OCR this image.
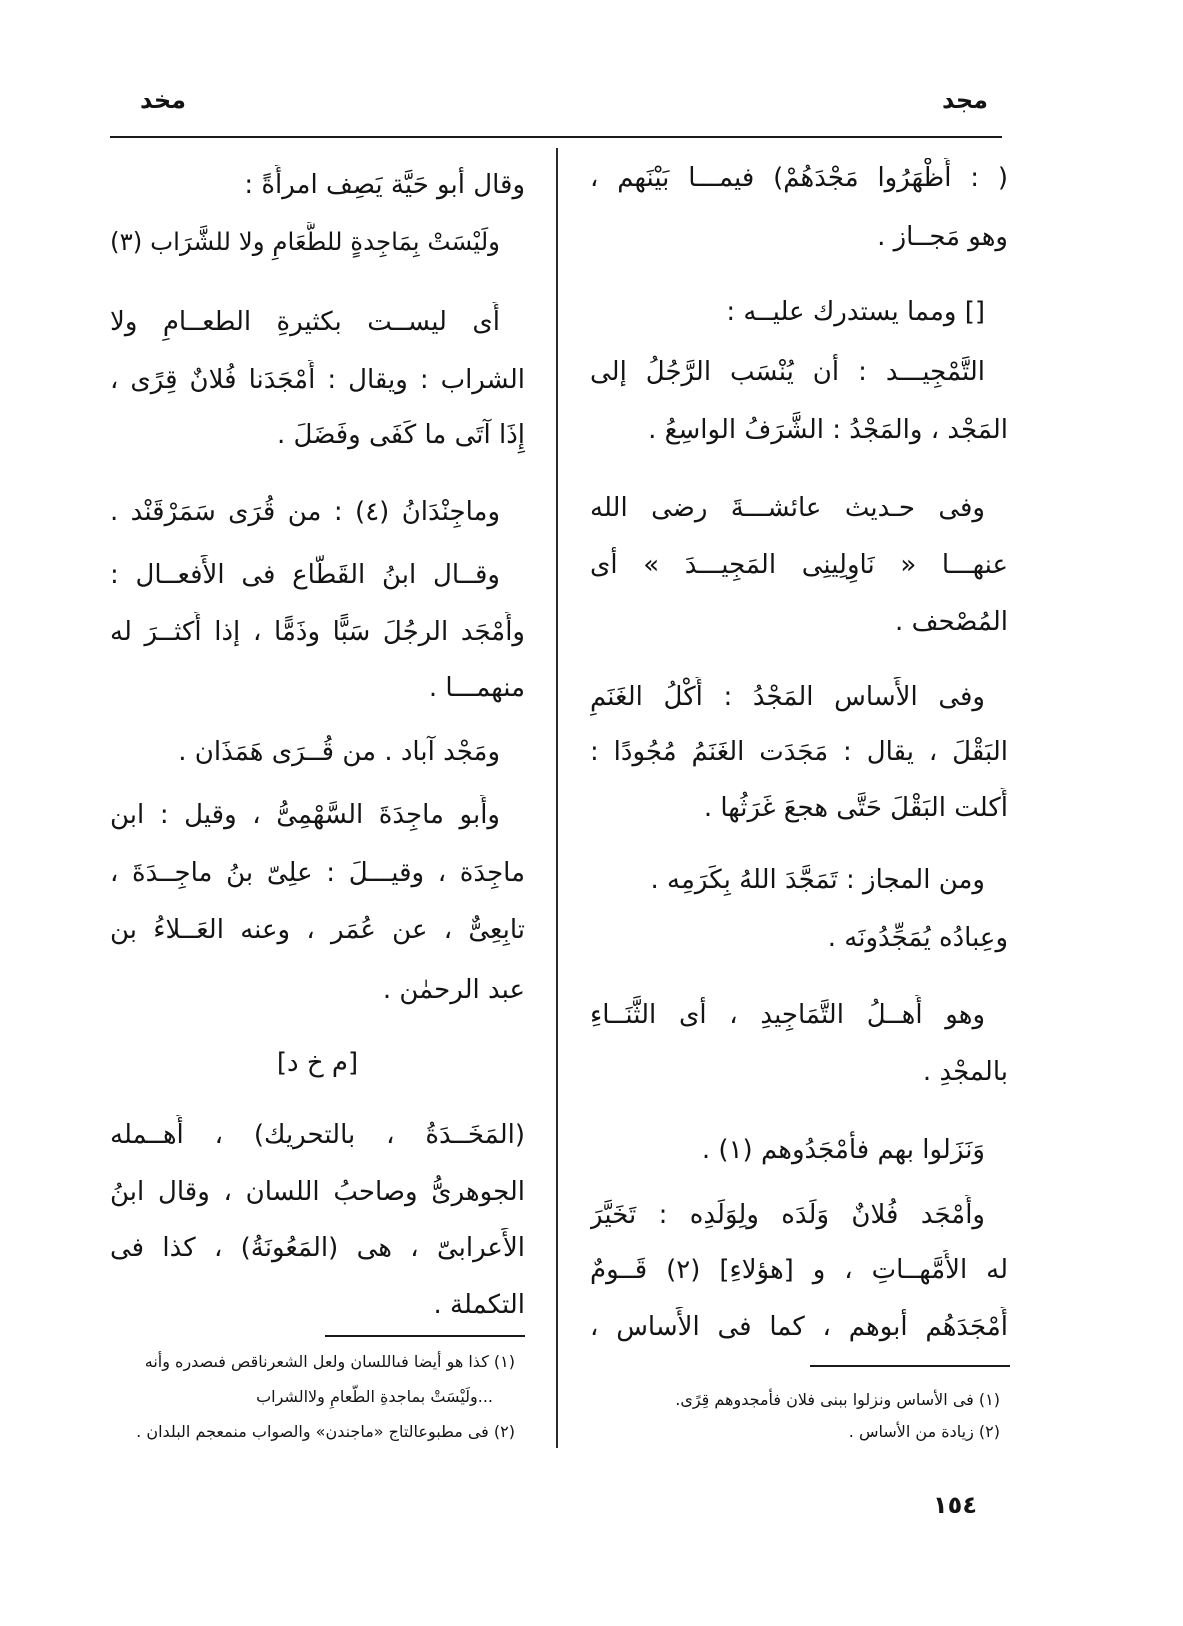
مجد
مخد
( : أَظْهَرُوا مَجْدَهُمْ) فيمـــا بَيْنَهم ،
وهو مَجــاز .
[] ومما يستدرك عليــه :
التَّمْجِيـــد : أن يُنْسَب الرَّجُلُ إلى
المَجْد ، والمَجْدُ : الشَّرَفُ الواسِعُ .
وفى حـديث عائشـــةَ رضى الله
عنهـــا « نَاوِلِينِى المَجِيـــدَ » أى
المُصْحف .
وفى الأَساس المَجْدُ : أَكْلُ الغَنَمِ
البَقْلَ ، يقال : مَجَدَت الغَنَمُ مُجُودًا :
أَكلت البَقْلَ حَتَّى هجعَ غَرَثُها .
ومن المجاز : تَمَجَّدَ اللهُ بِكَرَمِه .
وعِبادُه يُمَجِّدُونَه .
وهو أَهــلُ التَّمَاجِيدِ ، أى الثَّنَــاءِ
بالمجْدِ .
وَنَزَلوا بهم فأَمْجَدُوهم (١) .
وأَمْجَد فُلانٌ وَلَدَه ولِوَلَدِه : تَخَيَّرَ
له الأُمَّهــاتِ ، و [هؤلاءِ] (٢) قَــومٌ
أَمْجَدَهُم أبوهم ، كما فى الأَساس ،
(١) فى الأساس ونزلوا ببنى فلان فأمجدوهم قِرًى.
(٢) زيادة من الأساس .
وقال أبو حَيَّة يَصِف امرأَةً :
ولَيْسَتْ بِمَاجِدةٍ للطَّعَامِ ولا للشَّرَاب (٣)
أَى ليســت بكثيرةِ الطعــامِ ولا
الشراب : ويقال : أَمْجَدَنا فُلانٌ قِرًى ،
إِذَا آتَى ما كَفَى وفَضَلَ .
وماجِنْدَانُ (٤) : من قُرَى سَمَرْقَنْد .
وقــال ابنُ القَطَّاع فى الأَفعــال :
وأَمْجَد الرجُلَ سَبًّا وذَمًّا ، إذا أَكثــرَ له
منهمـــا .
ومَجْد آباد . من قُــرَى هَمَذَان .
وأَبو ماجِدَةَ السَّهْمِىُّ ، وقيل : ابن
ماجِدَة ، وقيـــلَ : علِىّ بنُ ماجِــدَةَ ،
تابِعِىٌّ ، عن عُمَر ، وعنه العَــلاءُ بن
عبد الرحمٰن .
[م خ د]
(المَخَــدَةُ ، بالتحريك) ، أَهــمله
الجوهرىُّ وصاحبُ اللسان ، وقال ابنُ
الأَعرابىّ ، هى (المَعُونَةُ) ، كذا فى
التكملة .
(١) كذا هو أيضا فىاللسان ولعل الشعرناقص فىصدره وأنه
...ولَيْسَتْ بماجدةِ الطّعامِ ولاالشراب
(٢) فى مطبوعالتاج «ماجندن» والصواب منمعجم البلدان .
١٥٤
